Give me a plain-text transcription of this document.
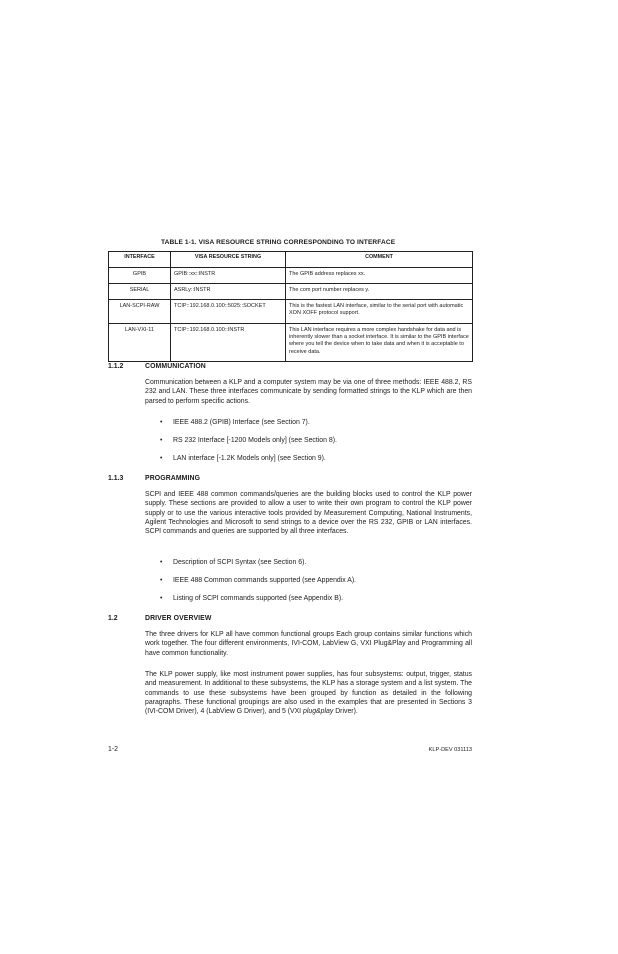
TABLE 1-1. VISA RESOURCE STRING CORRESPONDING TO INTERFACE
INTERFACE	VISA RESOURCE STRING	COMMENT
GPIB	GPIB::xx::INSTR	The GPIB address replaces xx.
SERIAL	ASRLy::INSTR	The com port number replaces y.
LAN-SCPI-RAW	TCIP::192.168.0.100::5025::SOCKET	This is the fastest LAN interface, similar to the serial port with automatic XON XOFF protocol support.
LAN-VXI-11	TCIP::192.168.0.100::INSTR	This LAN interface requires a more complex handshake for data and is inherently slower than a socket interface. It is similar to the GPIB interface where you tell the device when to take data and when it is acceptable to receive data.
1.1.2	COMMUNICATION
Communication between a KLP and a computer system may be via one of three methods: IEEE 488.2, RS 232 and LAN. These three interfaces communicate by sending formatted strings to the KLP which are then parsed to perform specific actions.
• IEEE 488.2 (GPIB) Interface (see Section 7).
• RS 232 Interface [-1200 Models only] (see Section 8).
• LAN interface [-1.2K Models only] (see Section 9).
1.1.3	PROGRAMMING
SCPI and IEEE 488 common commands/queries are the building blocks used to control the KLP power supply. These sections are provided to allow a user to write their own program to control the KLP power supply or to use the various interactive tools provided by Measurement Computing, National Instruments, Agilent Technologies and Microsoft to send strings to a device over the RS 232, GPIB or LAN interfaces. SCPI commands and queries are supported by all three interfaces.
• Description of SCPI Syntax (see Section 6).
• IEEE 488 Common commands supported (see Appendix A).
• Listing of SCPI commands supported (see Appendix B).
1.2	DRIVER OVERVIEW
The three drivers for KLP all have common functional groups Each group contains similar functions which work together. The four different environments, IVI-COM, LabView G, VXI Plug&Play and Programming all have common functionality.
The KLP power supply, like most instrument power supplies, has four subsystems: output, trigger, status and measurement. In additional to these subsystems, the KLP has a storage system and a list system. The commands to use these subsystems have been grouped by function as detailed in the following paragraphs. These functional groupings are also used in the examples that are presented in Sections 3 (IVI-COM Driver), 4 (LabView G Driver), and 5 (VXI plug&play Driver).
1-2	KLP-DEV 031113
